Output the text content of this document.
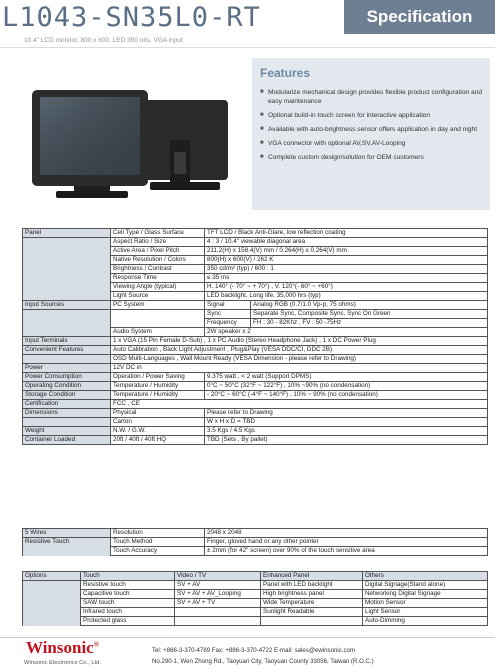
L1043-SN35L0-RT	Specification
10.4" LCD monitor, 800 x 600, LED 350 nits, VGA input
Features
■ Modularize mechanical design provides flexible product configuration and easy maintenance
■ Optional build-in touch screen for interactive application
■ Available with auto-brightness sensor offers application in day and night
■ VGA connector with optional AV,SV,AV-Looping
■ Complete custom design/solution for OEM customers
Panel	Cell Type / Glass Surface	TFT LCD / Black Anti-Glare, low reflection coating	
	Aspect Ratio / Size	4 : 3 / 10.4" viewable diagonal area	
	Active Area / Pixel Pitch	211.2(H) x 158.4(V) mm / 0.264(H) x 0.264(V) mm	
	Native Resolution / Colors	800(H) x 600(V) / 262 K	
	Brightness / Contrast	350 cd/m² (typ) / 600 : 1	
	Response Time	≤ 35 ms	
	Viewing Angle (typical)	H. 140° (- 70° ~ + 70°) , V. 120°(- 60° ~ +60°)	
	Light Source	LED backlight, Long life, 35,000 hrs (typ)	
Input Sources	PC System	Signal	Analog RGB (0.7/1.0 Vp-p, 75 ohms)
		Sync	Separate Sync, Composite Sync, Sync On Green
		Frequency	FH : 30 - 82Khz , FV : 50 -75Hz
	Audio System	2W speaker x 2	
Input Terminals	1 x VGA (15 Pin Female D-Sub) , 1 x PC Audio (Stereo Headphone Jack) , 1 x DC Power Plug		
Convenient Features	Auto Calibration , Back Light Adjustment , Plug&Play (VESA DDC/CI, DDC 2B)		
	OSD Multi-Languages , Wall Mount Ready (VESA Dimension - please refer to Drawing)		
Power	12V DC in		
Power Consumption	Operation / Power Saving	9.375 watt , < 2 watt (Support DPMS)	
Operating Condition	Temperature / Humidity	0°C ~ 50°C (32°F ~ 122°F) , 10% ~90% (no condensation)	
Storage Condition	Temperature / Humidity	- 20°C ~ 60°C (-4°F ~ 140°F) , 10% ~ 90% (no condensation)	
Certification	FCC , CE		
Dimensions	Physical	Please refer to Drawing	
	Carton	W x H x D = TBD	
Weight	N.W. / G.W.	3.5 Kgs / 4.5 Kgs	
Container Loaded	20ft / 40ft / 40ft HQ	TBD (Sets , By pallet)	
5 Wires	Resolution	2048 x 2048
Resistive Touch	Touch Method	Finger, gloved hand or any other pointer
	Touch Accuracy	± 2mm (for 42" screen) over 90% of the touch sensitive area
Options	Touch	Video / TV	Enhanced Panel	Others
	Resistive touch	SV + AV	Panel with LED backlight	Digital Signage(Stand alone)
	Capacitive touch	SV + AV + AV_Looping	High brightness panel	Networking Digital Signage
	SAW touch	SV + AV + TV	Wide Temperature	Motion Sensor
	Infrared touch		Sunlight Readable	Light Sensor
	Protected glass			Auto-Dimming
Winsonic®
Winsonic Electronics Co., Ltd.
Tel: +886-3-370-4789 Fax: +886-3-370-4722 E-mail: sales@ewinsonic.com
No.290-1, Wen Zhong Rd., Taoyuan City, Taoyuan County 33056, Taiwan (R.O.C.)
